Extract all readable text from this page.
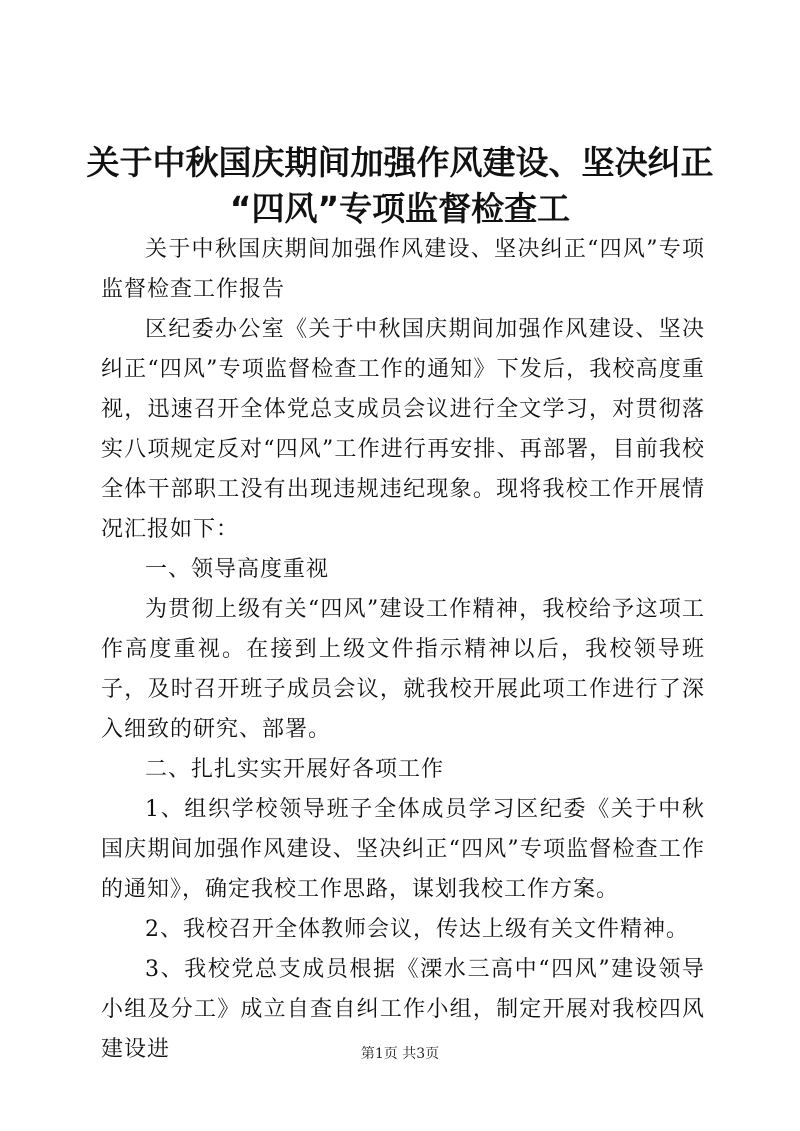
关于中秋国庆期间加强作风建设、坚决纠正
“四风”专项监督检查工

关于中秋国庆期间加强作风建设、坚决纠正“四风”专项监督检查工作报告

区纪委办公室《关于中秋国庆期间加强作风建设、坚决纠正“四风”专项监督检查工作的通知》下发后，我校高度重视，迅速召开全体党总支成员会议进行全文学习，对贯彻落实八项规定反对“四风”工作进行再安排、再部署，目前我校全体干部职工没有出现违规违纪现象。现将我校工作开展情况汇报如下：

一、领导高度重视

为贯彻上级有关“四风”建设工作精神，我校给予这项工作高度重视。在接到上级文件指示精神以后，我校领导班子，及时召开班子成员会议，就我校开展此项工作进行了深入细致的研究、部署。

二、扎扎实实开展好各项工作

1、组织学校领导班子全体成员学习区纪委《关于中秋国庆期间加强作风建设、坚决纠正“四风”专项监督检查工作的通知》，确定我校工作思路，谋划我校工作方案。

2、我校召开全体教师会议，传达上级有关文件精神。

3、我校党总支成员根据《溧水三高中“四风”建设领导小组及分工》成立自查自纠工作小组，制定开展对我校四风建设进	第1页 共3页
